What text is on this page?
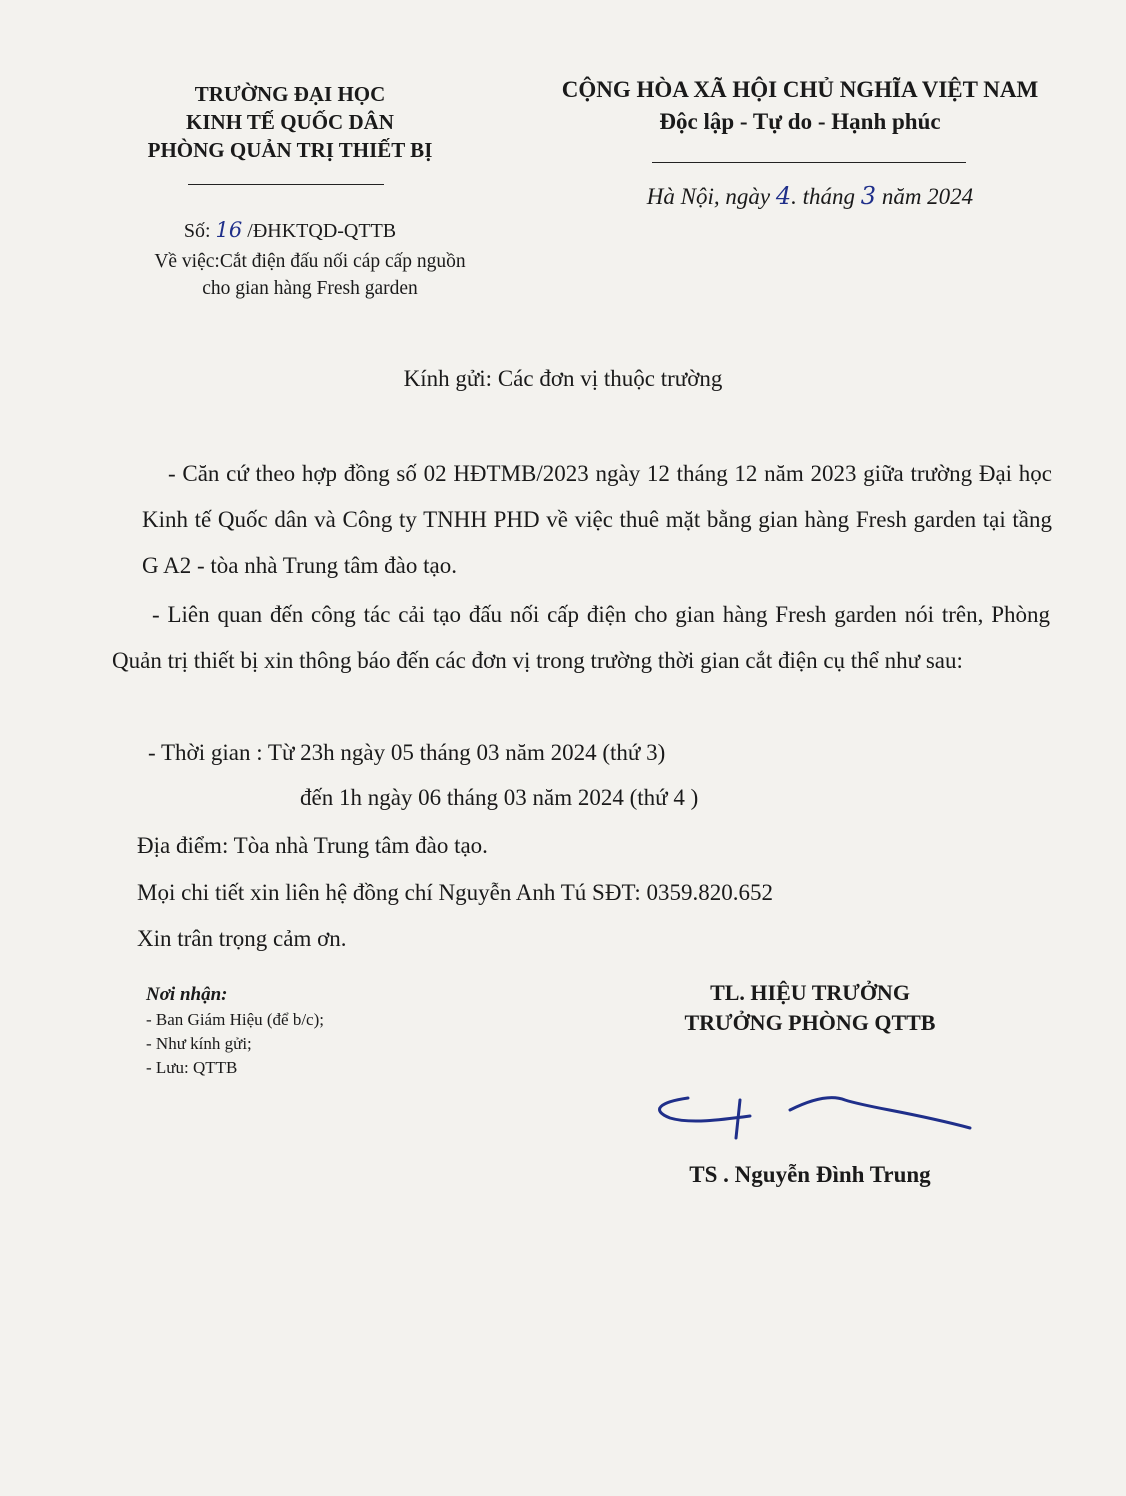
TRƯỜNG ĐẠI HỌC
KINH TẾ QUỐC DÂN
PHÒNG QUẢN TRỊ THIẾT BỊ
CỘNG HÒA XÃ HỘI CHỦ NGHĨA VIỆT NAM
Độc lập - Tự do - Hạnh phúc
Hà Nội, ngày 4. tháng 3 năm 2024
Số: 16 /ĐHKTQD-QTTB
Về việc:Cắt điện đấu nối cáp cấp nguồn
cho gian hàng Fresh garden
Kính gửi: Các đơn vị thuộc trường
- Căn cứ theo hợp đồng số 02 HĐTMB/2023 ngày 12 tháng 12 năm 2023 giữa trường Đại học Kinh tế Quốc dân và Công ty TNHH PHD về việc thuê mặt bằng gian hàng Fresh garden tại tầng G A2 - tòa nhà Trung tâm đào tạo.
- Liên quan đến công tác cải tạo đấu nối cấp điện cho gian hàng Fresh garden nói trên, Phòng Quản trị thiết bị xin thông báo đến các đơn vị trong trường thời gian cắt điện cụ thể như sau:
- Thời gian : Từ 23h ngày 05 tháng 03 năm 2024 (thứ 3)
đến 1h ngày 06 tháng 03 năm 2024 (thứ 4 )
Địa điểm: Tòa nhà Trung tâm đào tạo.
Mọi chi tiết xin liên hệ đồng chí Nguyễn Anh Tú SĐT: 0359.820.652
Xin trân trọng cảm ơn.
Nơi nhận:
- Ban Giám Hiệu (để b/c);
- Như kính gửi;
- Lưu: QTTB
TL. HIỆU TRƯỞNG
TRƯỞNG PHÒNG QTTB
TS . Nguyễn Đình Trung
